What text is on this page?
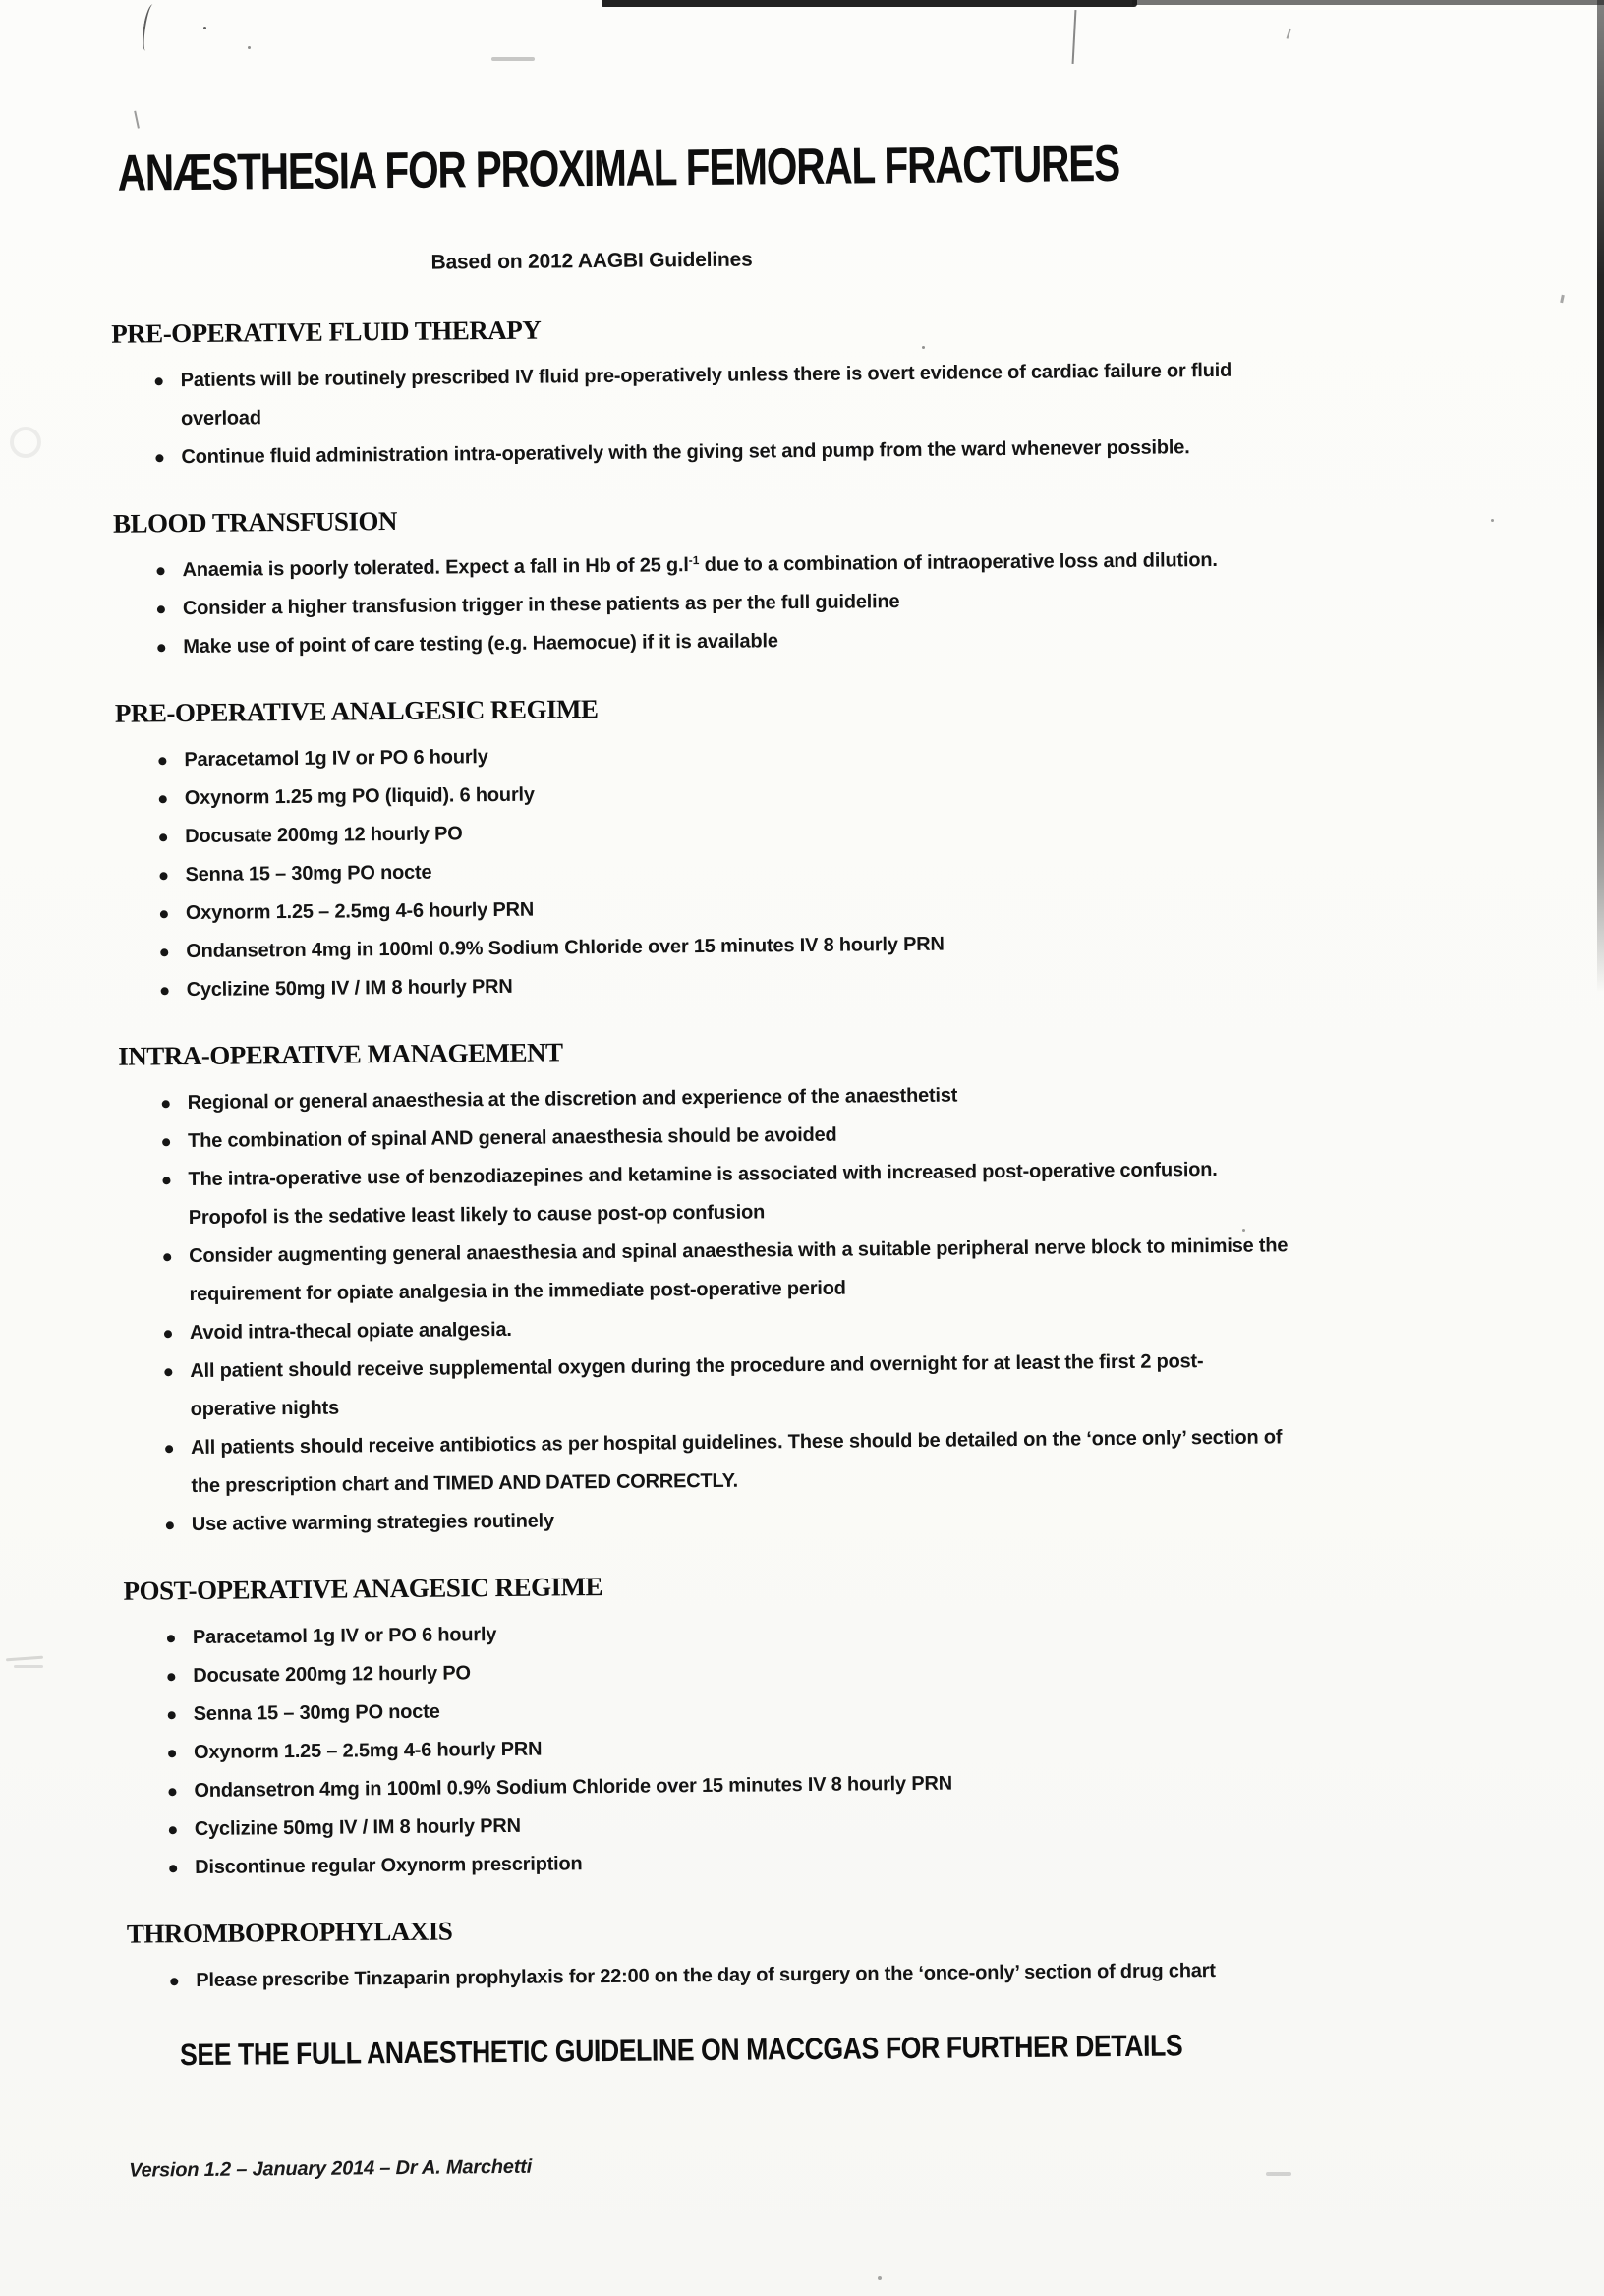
ANÆSTHESIA FOR PROXIMAL FEMORAL FRACTURES
Based on 2012 AAGBI Guidelines
PRE-OPERATIVE FLUID THERAPY
Patients will be routinely prescribed IV fluid pre-operatively unless there is overt evidence of cardiac failure or fluid
overload
Continue fluid administration intra-operatively with the giving set and pump from the ward whenever possible.
BLOOD TRANSFUSION
Anaemia is poorly tolerated. Expect a fall in Hb of 25 $g.l^{-1}$ due to a combination of intraoperative loss and dilution.
Consider a higher transfusion trigger in these patients as per the full guideline
Make use of point of care testing (e.g. Haemocue) if it is available
PRE-OPERATIVE ANALGESIC REGIME
Paracetamol 1g IV or PO 6 hourly
Oxynorm 1.25 mg PO (liquid). 6 hourly
Docusate 200mg 12 hourly PO
Senna 15 – 30mg PO nocte
Oxynorm 1.25 – 2.5mg 4-6 hourly PRN
Ondansetron 4mg in 100ml 0.9% Sodium Chloride over 15 minutes IV 8 hourly PRN
Cyclizine 50mg IV / IM 8 hourly PRN
INTRA-OPERATIVE MANAGEMENT
Regional or general anaesthesia at the discretion and experience of the anaesthetist
The combination of spinal AND general anaesthesia should be avoided
The intra-operative use of benzodiazepines and ketamine is associated with increased post-operative confusion.
Propofol is the sedative least likely to cause post-op confusion
Consider augmenting general anaesthesia and spinal anaesthesia with a suitable peripheral nerve block to minimise the
requirement for opiate analgesia in the immediate post-operative period
Avoid intra-thecal opiate analgesia.
All patient should receive supplemental oxygen during the procedure and overnight for at least the first 2 post-
operative nights
All patients should receive antibiotics as per hospital guidelines. These should be detailed on the ‘once only’ section of
the prescription chart and TIMED AND DATED CORRECTLY.
Use active warming strategies routinely
POST-OPERATIVE ANAGESIC REGIME
Paracetamol 1g IV or PO 6 hourly
Docusate 200mg 12 hourly PO
Senna 15 – 30mg PO nocte
Oxynorm 1.25 – 2.5mg 4-6 hourly PRN
Ondansetron 4mg in 100ml 0.9% Sodium Chloride over 15 minutes IV 8 hourly PRN
Cyclizine 50mg IV / IM 8 hourly PRN
Discontinue regular Oxynorm prescription
THROMBOPROPHYLAXIS
Please prescribe Tinzaparin prophylaxis for 22:00 on the day of surgery on the ‘once-only’ section of drug chart
SEE THE FULL ANAESTHETIC GUIDELINE ON MACCGAS FOR FURTHER DETAILS
Version 1.2 – January 2014 – Dr A. Marchetti
